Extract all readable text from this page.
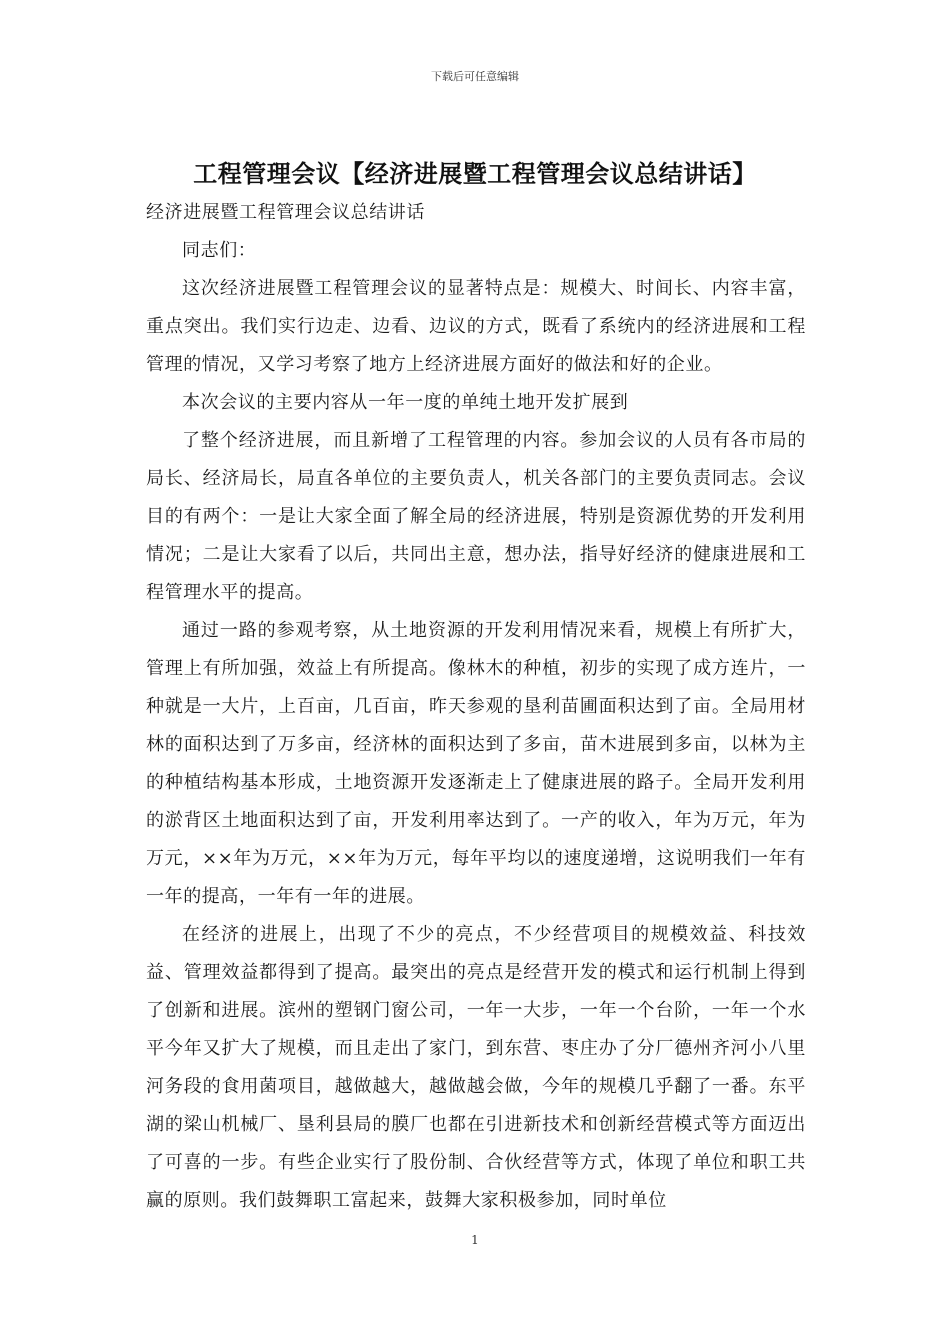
下载后可任意编辑
工程管理会议【经济进展暨工程管理会议总结讲话】

经济进展暨工程管理会议总结讲话

同志们：

这次经济进展暨工程管理会议的显著特点是：规模大、时间长、内容丰富，重点突出。我们实行边走、边看、边议的方式，既看了系统内的经济进展和工程管理的情况，又学习考察了地方上经济进展方面好的做法和好的企业。

本次会议的主要内容从一年一度的单纯土地开发扩展到

了整个经济进展，而且新增了工程管理的内容。参加会议的人员有各市局的局长、经济局长，局直各单位的主要负责人，机关各部门的主要负责同志。会议目的有两个：一是让大家全面了解全局的经济进展，特别是资源优势的开发利用情况；二是让大家看了以后，共同出主意，想办法，指导好经济的健康进展和工程管理水平的提高。

通过一路的参观考察，从土地资源的开发利用情况来看，规模上有所扩大，管理上有所加强，效益上有所提高。像林木的种植，初步的实现了成方连片，一种就是一大片，上百亩，几百亩，昨天参观的垦利苗圃面积达到了亩。全局用材林的面积达到了万多亩，经济林的面积达到了多亩，苗木进展到多亩，以林为主的种植结构基本形成，土地资源开发逐渐走上了健康进展的路子。全局开发利用的淤背区土地面积达到了亩，开发利用率达到了。一产的收入，年为万元，年为万元，××年为万元，××年为万元，每年平均以的速度递增，这说明我们一年有一年的提高，一年有一年的进展。

在经济的进展上，出现了不少的亮点，不少经营项目的规模效益、科技效益、管理效益都得到了提高。最突出的亮点是经营开发的模式和运行机制上得到了创新和进展。滨州的塑钢门窗公司，一年一大步，一年一个台阶，一年一个水平今年又扩大了规模，而且走出了家门，到东营、枣庄办了分厂德州齐河小八里河务段的食用菌项目，越做越大，越做越会做，今年的规模几乎翻了一番。东平湖的梁山机械厂、垦利县局的膜厂也都在引进新技术和创新经营模式等方面迈出了可喜的一步。有些企业实行了股份制、合伙经营等方式，体现了单位和职工共赢的原则。我们鼓舞职工富起来，鼓舞大家积极参加，同时单位

1
